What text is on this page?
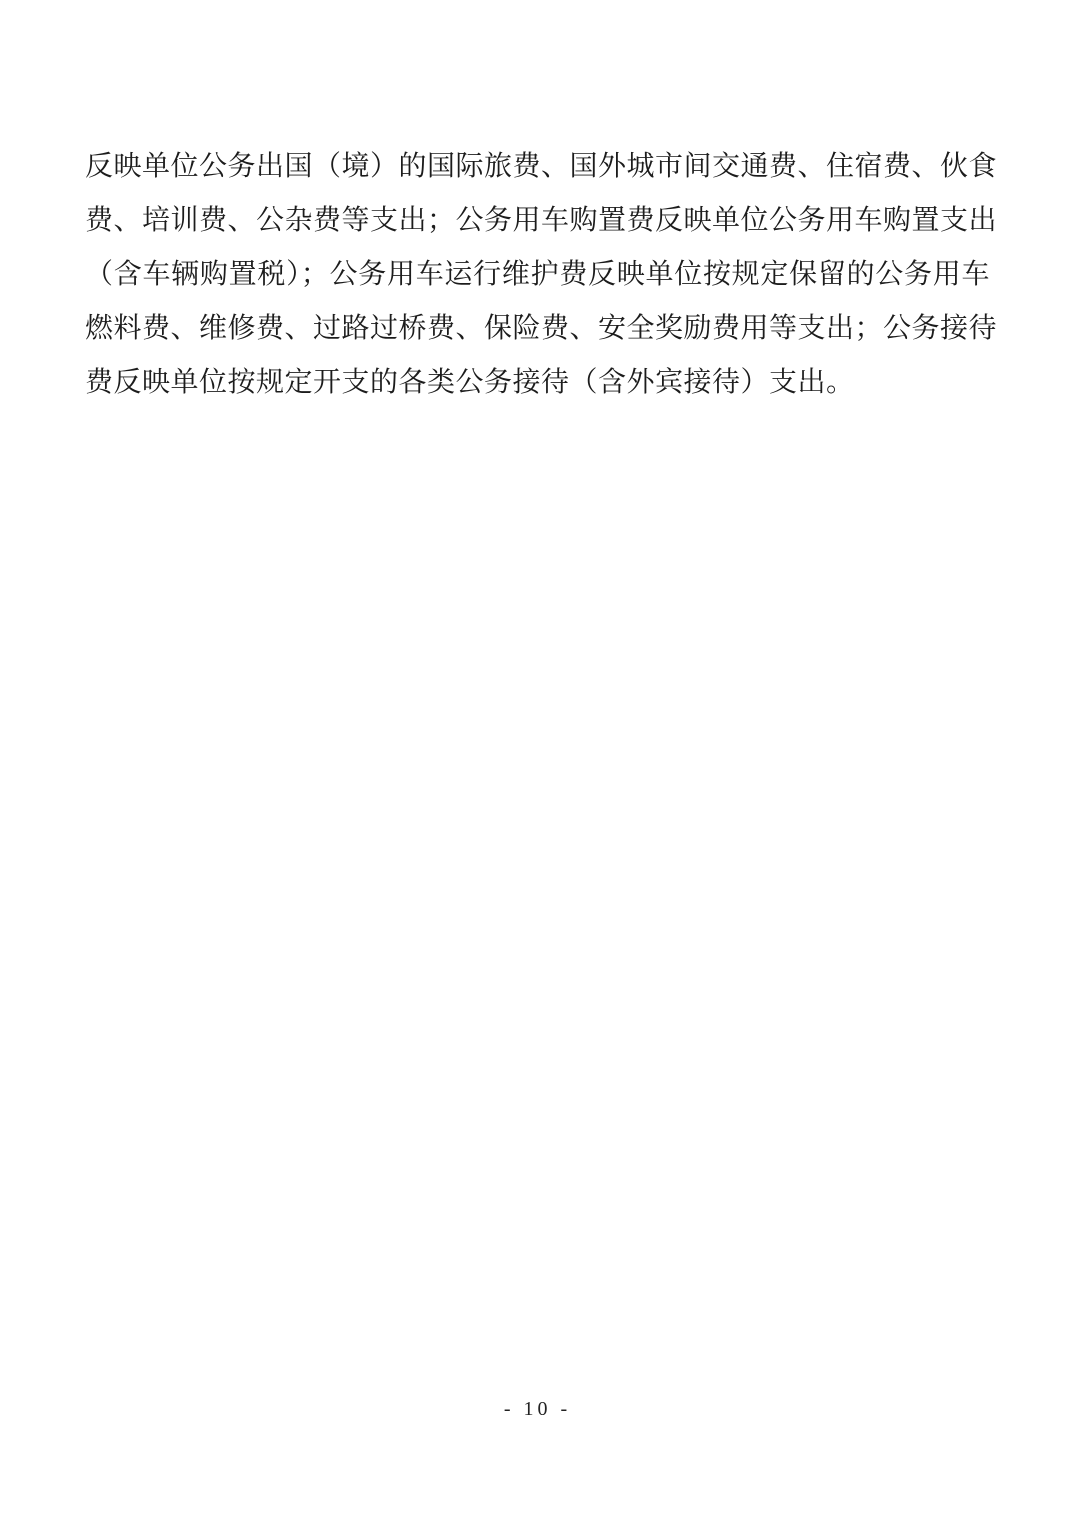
反映单位公务出国（境）的国际旅费、国外城市间交通费、住宿费、伙食
费、培训费、公杂费等支出；公务用车购置费反映单位公务用车购置支出
（含车辆购置税）；公务用车运行维护费反映单位按规定保留的公务用车
燃料费、维修费、过路过桥费、保险费、安全奖励费用等支出；公务接待
费反映单位按规定开支的各类公务接待（含外宾接待）支出。
- 10 -
